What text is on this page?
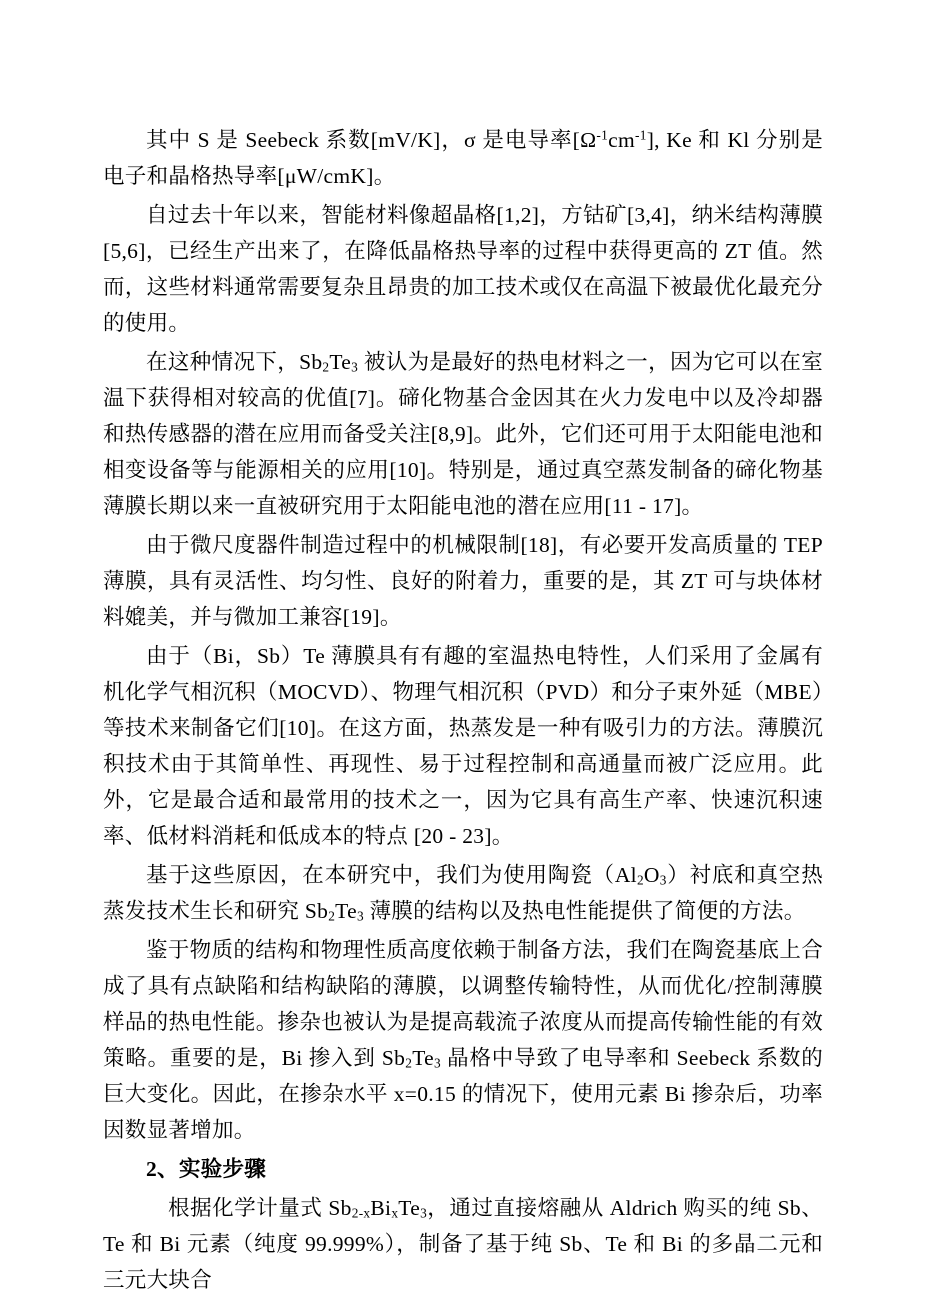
其中 S 是 Seebeck 系数[mV/K]，σ 是电导率$[\Omega^{-1}cm^{-1}]$, Ke 和 Kl 分别是电子和晶格热导率[μW/cmK]。

自过去十年以来，智能材料像超晶格[1,2]，方钴矿[3,4]，纳米结构薄膜[5,6]，已经生产出来了，在降低晶格热导率的过程中获得更高的 ZT 值。然而，这些材料通常需要复杂且昂贵的加工技术或仅在高温下被最优化最充分的使用。

在这种情况下，$Sb_2Te_3$ 被认为是最好的热电材料之一，因为它可以在室温下获得相对较高的优值[7]。碲化物基合金因其在火力发电中以及冷却器和热传感器的潜在应用而备受关注[8,9]。此外，它们还可用于太阳能电池和相变设备等与能源相关的应用[10]。特别是，通过真空蒸发制备的碲化物基薄膜长期以来一直被研究用于太阳能电池的潜在应用[11 - 17]。

由于微尺度器件制造过程中的机械限制[18]，有必要开发高质量的 TEP 薄膜，具有灵活性、均匀性、良好的附着力，重要的是，其 ZT 可与块体材料媲美，并与微加工兼容[19]。

由于（Bi，Sb）Te 薄膜具有有趣的室温热电特性，人们采用了金属有机化学气相沉积（MOCVD）、物理气相沉积（PVD）和分子束外延（MBE）等技术来制备它们[10]。在这方面，热蒸发是一种有吸引力的方法。薄膜沉积技术由于其简单性、再现性、易于过程控制和高通量而被广泛应用。此外，它是最合适和最常用的技术之一，因为它具有高生产率、快速沉积速率、低材料消耗和低成本的特点 [20 - 23]。

基于这些原因，在本研究中，我们为使用陶瓷$(Al_2O_3)$衬底和真空热蒸发技术生长和研究 $Sb_2Te_3$ 薄膜的结构以及热电性能提供了简便的方法。

鉴于物质的结构和物理性质高度依赖于制备方法，我们在陶瓷基底上合成了具有点缺陷和结构缺陷的薄膜，以调整传输特性，从而优化/控制薄膜样品的热电性能。掺杂也被认为是提高载流子浓度从而提高传输性能的有效策略。重要的是，Bi 掺入到 $Sb_2Te_3$ 晶格中导致了电导率和 Seebeck 系数的巨大变化。因此，在掺杂水平 x=0.15 的情况下，使用元素 Bi 掺杂后，功率因数显著增加。

2、实验步骤

　根据化学计量式 $Sb_{2-x}Bi_xTe_3$，通过直接熔融从 Aldrich 购买的纯 Sb、Te 和 Bi 元素（纯度 99.999%），制备了基于纯 Sb、Te 和 Bi 的多晶二元和三元大块合
